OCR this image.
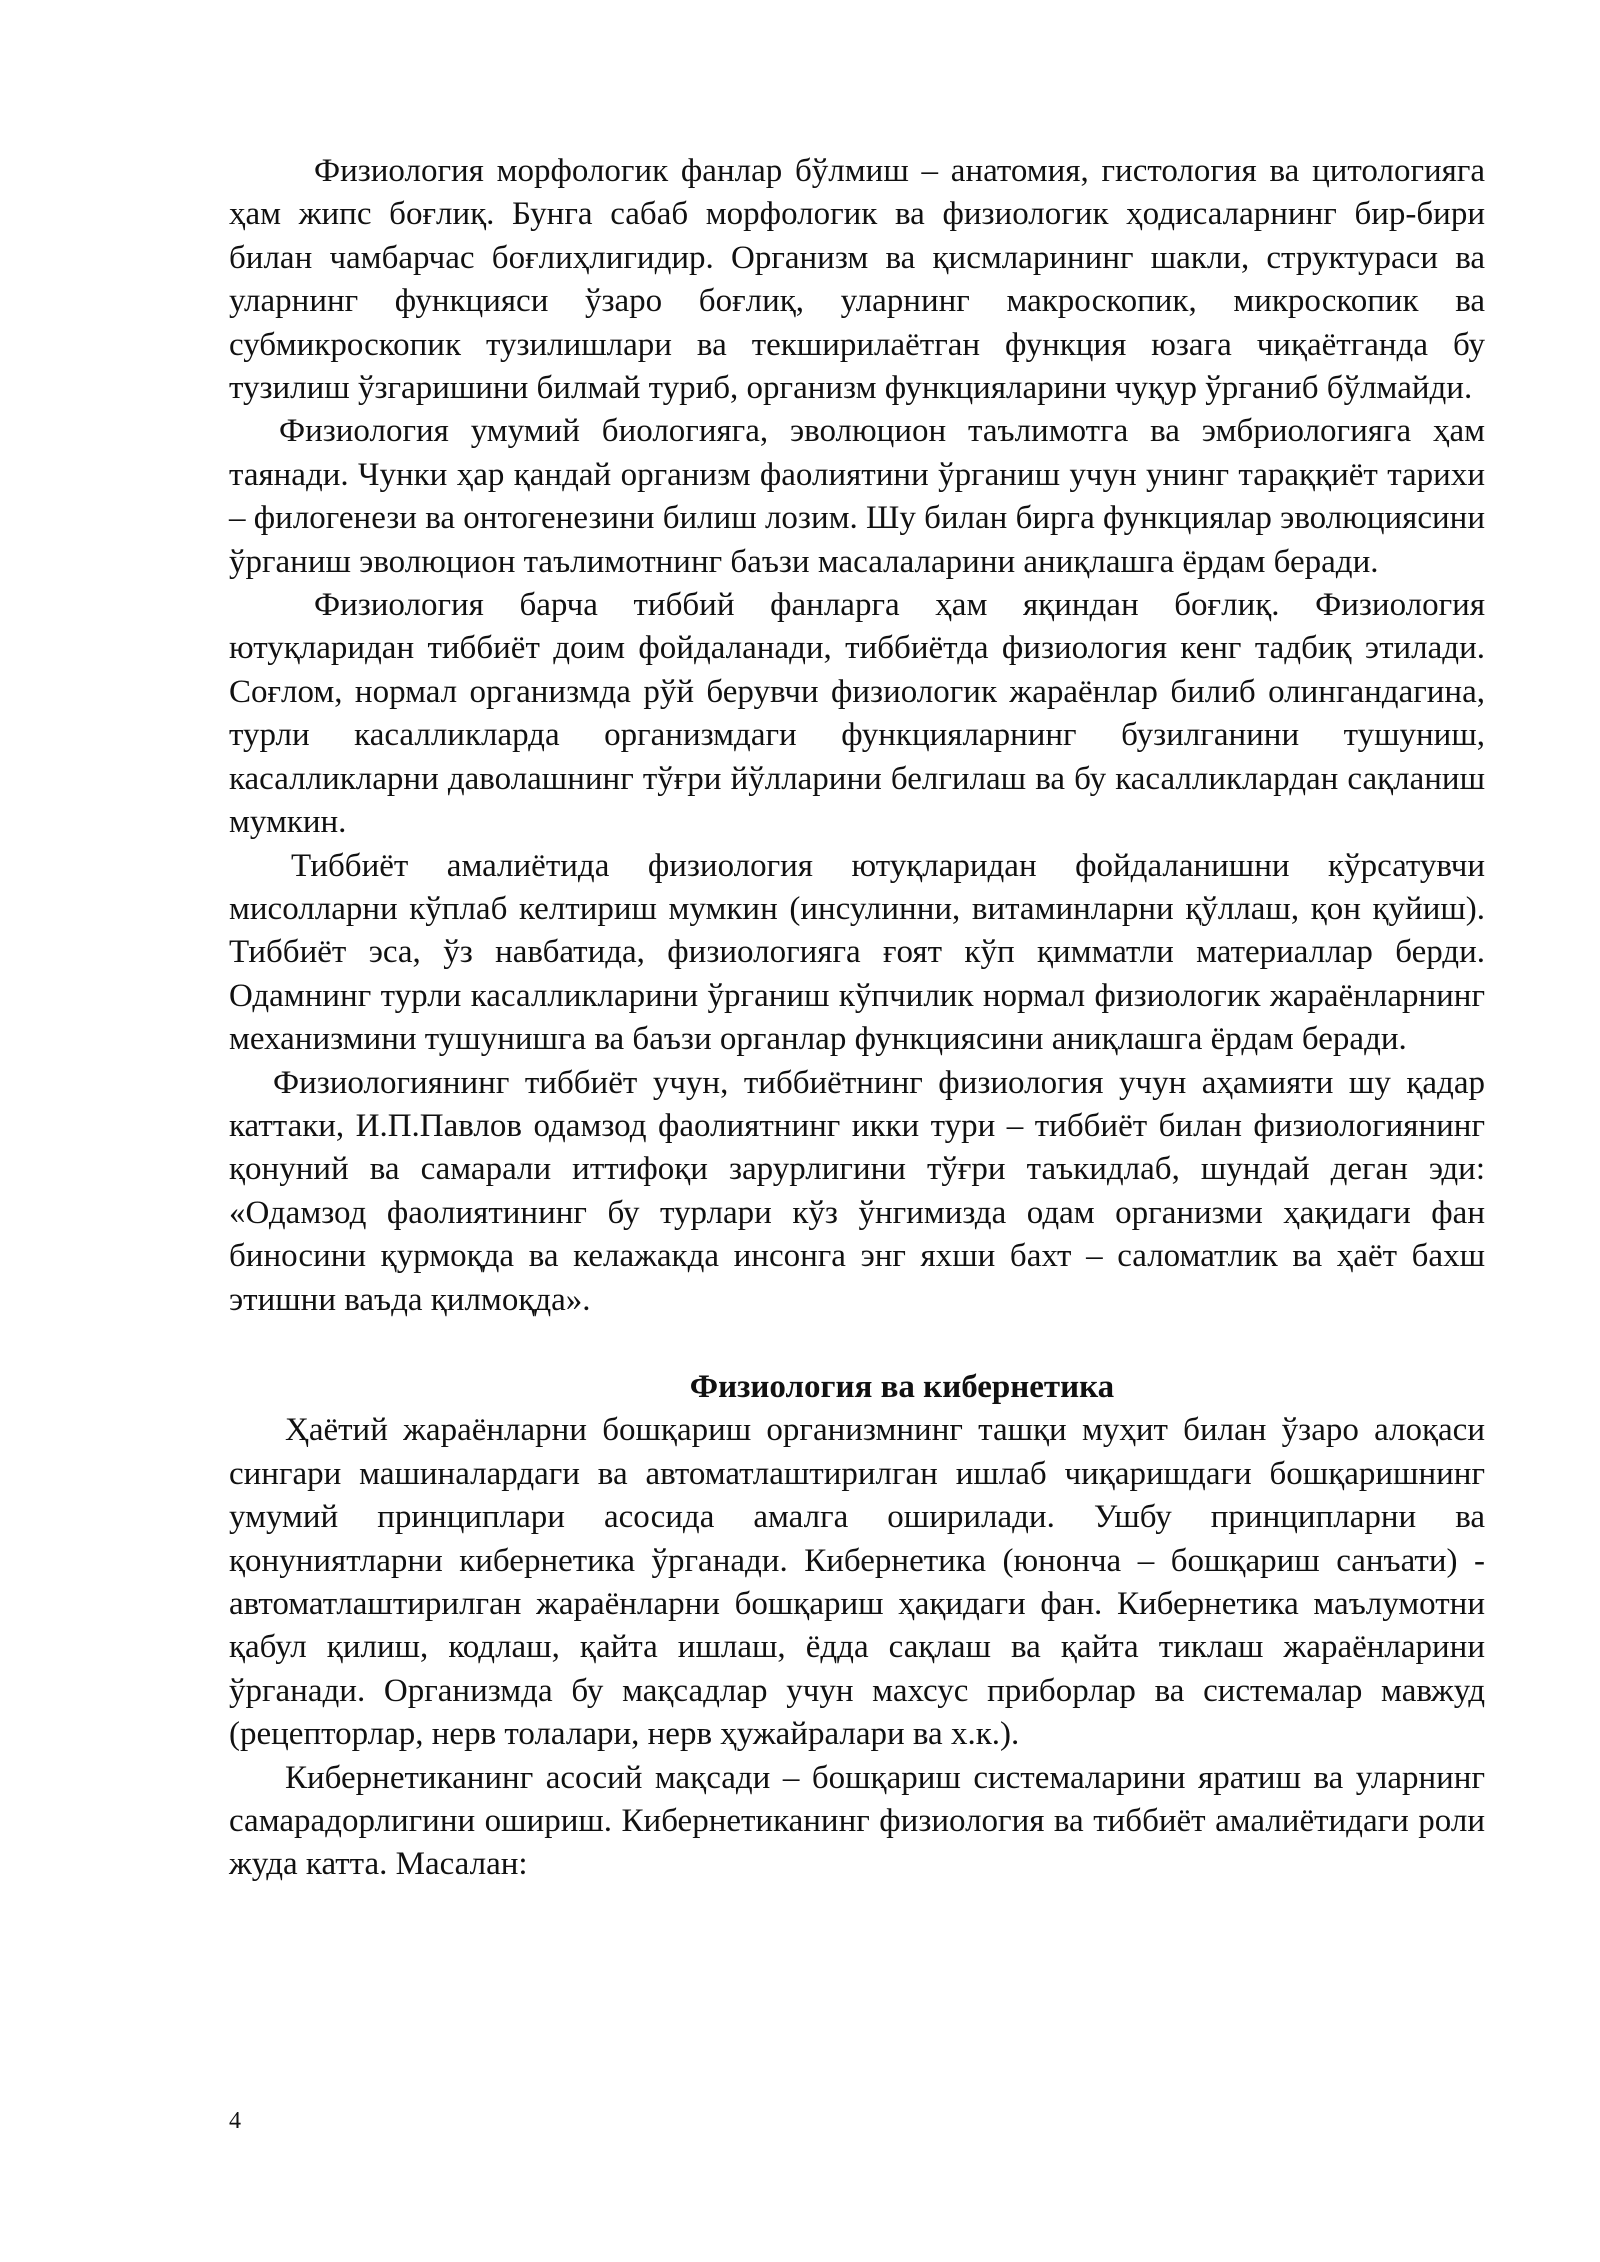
Физиология морфологик фанлар бўлмиш – анатомия, гистология ва цитологияга ҳам жипс боғлиқ. Бунга сабаб морфологик ва физиологик ҳодисаларнинг бир-бири билан чамбарчас боғлиҳлигидир. Организм ва қисмларининг шакли, структураси ва уларнинг функцияси ўзаро боғлиқ, уларнинг макроскопик, микроскопик ва субмикроскопик тузилишлари ва текширилаётган функция юзага чиқаётганда бу тузилиш ўзгаришини билмай туриб, организм функцияларини чуқур ўрганиб бўлмайди.

Физиология умумий биологияга, эволюцион таълимотга ва эмбриологияга ҳам таянади. Чунки ҳар қандай организм фаолиятини ўрганиш учун унинг тараққиёт тарихи – филогенези ва онтогенезини билиш лозим. Шу билан бирга функциялар эволюциясини ўрганиш эволюцион таълимотнинг баъзи масалаларини аниқлашга ёрдам беради.

Физиология барча тиббий фанларга ҳам яқиндан боғлиқ. Физиология ютуқларидан тиббиёт доим фойдаланади, тиббиётда физиология кенг тадбиқ этилади. Соғлом, нормал организмда рўй берувчи физиологик жараёнлар билиб олингандагина, турли касалликларда организмдаги функцияларнинг бузилганини тушуниш, касалликларни даволашнинг тўғри йўлларини белгилаш ва бу касалликлардан сақланиш мумкин.

Тиббиёт амалиётида физиология ютуқларидан фойдаланишни кўрсатувчи мисолларни кўплаб келтириш мумкин (инсулинни, витаминларни қўллаш, қон қуйиш). Тиббиёт эса, ўз навбатида, физиологияга ғоят кўп қимматли материаллар берди. Одамнинг турли касалликларини ўрганиш кўпчилик нормал физиологик жараёнларнинг механизмини тушунишга ва баъзи органлар функциясини аниқлашга ёрдам беради.

Физиологиянинг тиббиёт учун, тиббиётнинг физиология учун аҳамияти шу қадар каттаки, И.П.Павлов одамзод фаолиятнинг икки тури – тиббиёт билан физиологиянинг қонуний ва самарали иттифоқи зарурлигини тўғри таъкидлаб, шундай деган эди: «Одамзод фаолиятининг бу турлари кўз ўнгимизда одам организми ҳақидаги фан биносини қурмоқда ва келажакда инсонга энг яхши бахт – саломатлик ва ҳаёт бахш этишни ваъда қилмоқда».

Физиология ва кибернетика

Ҳаётий жараёнларни бошқариш организмнинг ташқи муҳит билан ўзаро алоқаси сингари машиналардаги ва автоматлаштирилган ишлаб чиқаришдаги бошқаришнинг умумий принциплари асосида амалга оширилади. Ушбу принципларни ва қонуниятларни кибернетика ўрганади. Кибернетика (юнонча – бошқариш санъати) - автоматлаштирилган жараёнларни бошқариш ҳақидаги фан. Кибернетика маълумотни қабул қилиш, кодлаш, қайта ишлаш, ёдда сақлаш ва қайта тиклаш жараёнларини ўрганади. Организмда бу мақсадлар учун махсус приборлар ва системалар мавжуд (рецепторлар, нерв толалари, нерв ҳужайралари ва х.к.).

Кибернетиканинг асосий мақсади – бошқариш системаларини яратиш ва уларнинг самарадорлигини ошириш. Кибернетиканинг физиология ва тиббиёт амалиётидаги роли жуда катта. Масалан:

4
